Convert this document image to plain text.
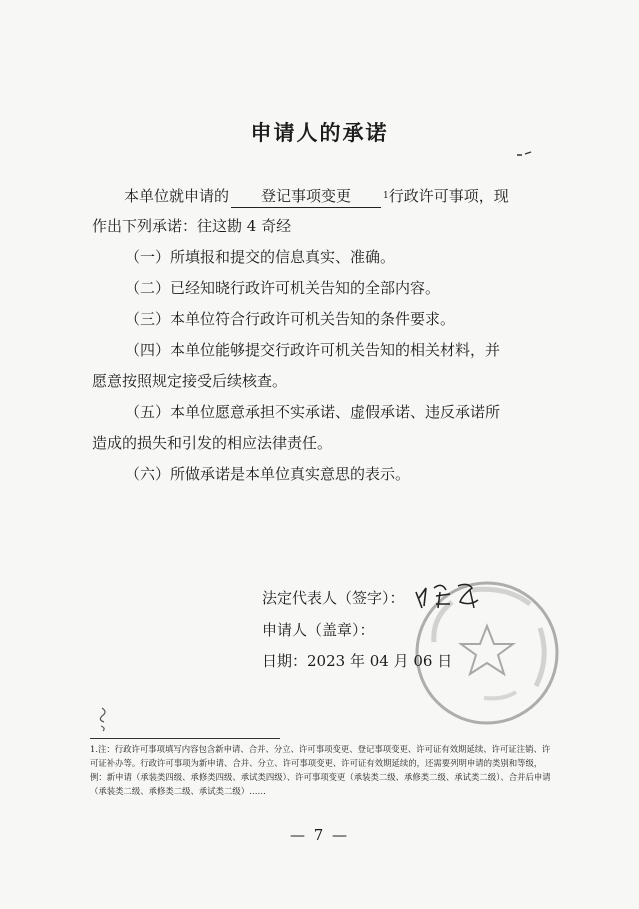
申请人的承诺
本单位就申请的 登记事项变更	$^1$行政许可事项，现
作出下列承诺：往这勘 4 奇经
（一）所填报和提交的信息真实、准确。
（二）已经知晓行政许可机关告知的全部内容。
（三）本单位符合行政许可机关告知的条件要求。
（四）本单位能够提交行政许可机关告知的相关材料，并
愿意按照规定接受后续核查。
（五）本单位愿意承担不实承诺、虚假承诺、违反承诺所
造成的损失和引发的相应法律责任。
（六）所做承诺是本单位真实意思的表示。
法定代表人（签字）：
申请人（盖章）：
日期：2023 年 04 月 06 日
1.注：行政许可事项填写内容包含新申请、合并、分立、许可事项变更、登记事项变更、许可证有效期延续、许可证注销、许可证补办等。行政许可事项为新申请、合并、分立、许可事项变更、许可证有效期延续的，还需要列明申请的类别和等级，例：新申请（承装类四级、承修类四级、承试类四级）、许可事项变更（承装类二级、承修类二级、承试类二级）、合并后申请（承装类二级、承修类二级、承试类二级）……
— 7 —
